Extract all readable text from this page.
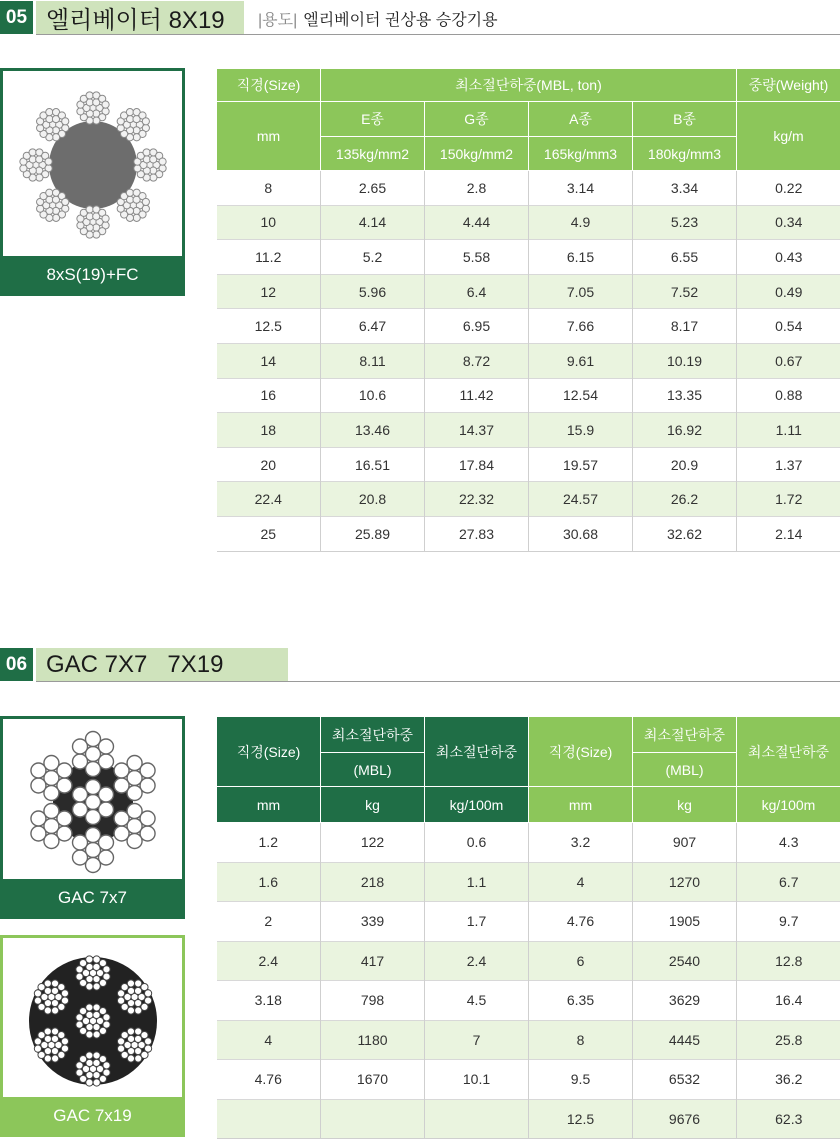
05 엘리베이터 8X19 |용도| 엘리베이터 권상용 승강기용
8xS(19)+FC
직경(Size)	최소절단하중(MBL, ton)				중량(Weight)
mm	E종	G종	A종	B종	kg/m
	135kg/mm2	150kg/mm2	165kg/mm3	180kg/mm3	
8	2.65	2.8	3.14	3.34	0.22
10	4.14	4.44	4.9	5.23	0.34
11.2	5.2	5.58	6.15	6.55	0.43
12	5.96	6.4	7.05	7.52	0.49
12.5	6.47	6.95	7.66	8.17	0.54
14	8.11	8.72	9.61	10.19	0.67
16	10.6	11.42	12.54	13.35	0.88
18	13.46	14.37	15.9	16.92	1.11
20	16.51	17.84	19.57	20.9	1.37
22.4	20.8	22.32	24.57	26.2	1.72
25	25.89	27.83	30.68	32.62	2.14
06 GAC 7X7   7X19
GAC 7x7
GAC 7x19
직경(Size)	최소절단하중	최소절단하중	직경(Size)	최소절단하중	최소절단하중
	(MBL)			(MBL)	
mm	kg	kg/100m	mm	kg	kg/100m
1.2	122	0.6	3.2	907	4.3
1.6	218	1.1	4	1270	6.7
2	339	1.7	4.76	1905	9.7
2.4	417	2.4	6	2540	12.8
3.18	798	4.5	6.35	3629	16.4
4	1180	7	8	4445	25.8
4.76	1670	10.1	9.5	6532	36.2
			12.5	9676	62.3
